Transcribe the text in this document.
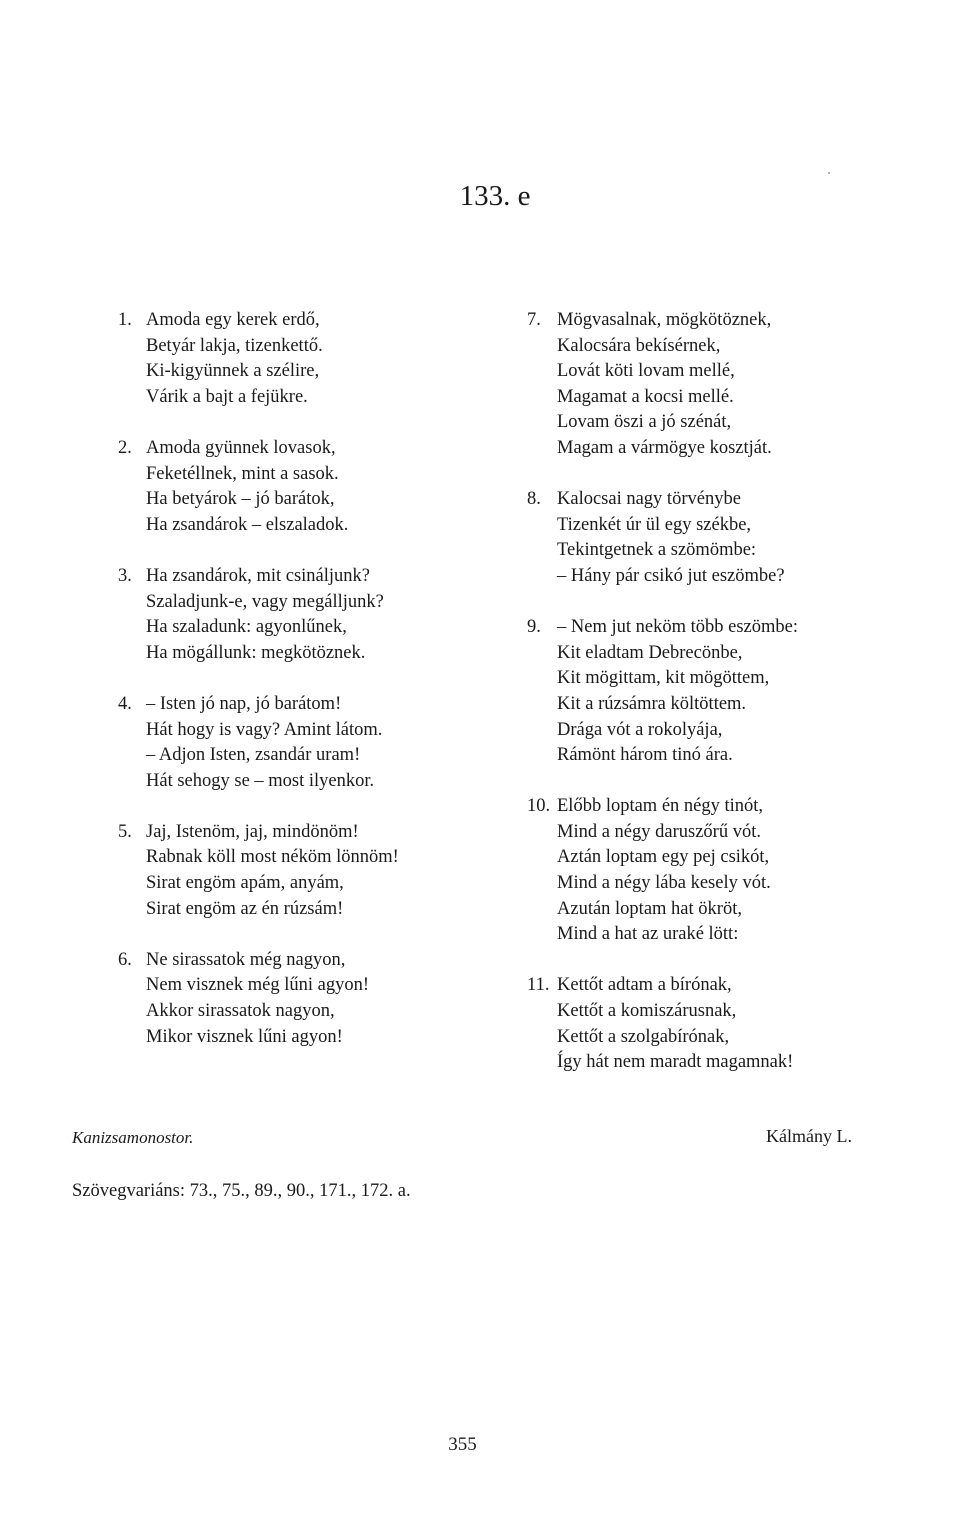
133. e
1. Amoda egy kerek erdő,
Betyár lakja, tizenkettő.
Ki-kigyünnek a szélire,
Várik a bajt a fejükre.
2. Amoda gyünnek lovasok,
Feketéllnek, mint a sasok.
Ha betyárok – jó barátok,
Ha zsandárok – elszaladok.
3. Ha zsandárok, mit csináljunk?
Szaladjunk-e, vagy megálljunk?
Ha szaladunk: agyonlűnek,
Ha mögállunk: megkötöznek.
4. – Isten jó nap, jó barátom!
Hát hogy is vagy? Amint látom.
– Adjon Isten, zsandár uram!
Hát sehogy se – most ilyenkor.
5. Jaj, Istenöm, jaj, mindönöm!
Rabnak köll most néköm lönnöm!
Sirat engöm apám, anyám,
Sirat engöm az én rúzsám!
6. Ne sirassatok még nagyon,
Nem visznek még lűni agyon!
Akkor sirassatok nagyon,
Mikor visznek lűni agyon!
7. Mögvasalnak, mögkötöznek,
Kalocsára bekísérnek,
Lovát köti lovam mellé,
Magamat a kocsi mellé.
Lovam öszi a jó szénát,
Magam a vármögye kosztját.
8. Kalocsai nagy törvénybe
Tizenkét úr ül egy székbe,
Tekintgetnek a szömömbe:
– Hány pár csikó jut eszömbe?
9. – Nem jut neköm több eszömbe:
Kit eladtam Debrecönbe,
Kit mögittam, kit mögöttem,
Kit a rúzsámra költöttem.
Drága vót a rokolyája,
Rámönt három tinó ára.
10. Előbb loptam én négy tinót,
Mind a négy daruszőrű vót.
Aztán loptam egy pej csikót,
Mind a négy lába kesely vót.
Azután loptam hat ökröt,
Mind a hat az uraké lött:
11. Kettőt adtam a bírónak,
Kettőt a komiszárusnak,
Kettőt a szolgabírónak,
Így hát nem maradt magamnak!
Kanizsamonostor.	Kálmány L.
Szövegvariáns: 73., 75., 89., 90., 171., 172. a.
355
